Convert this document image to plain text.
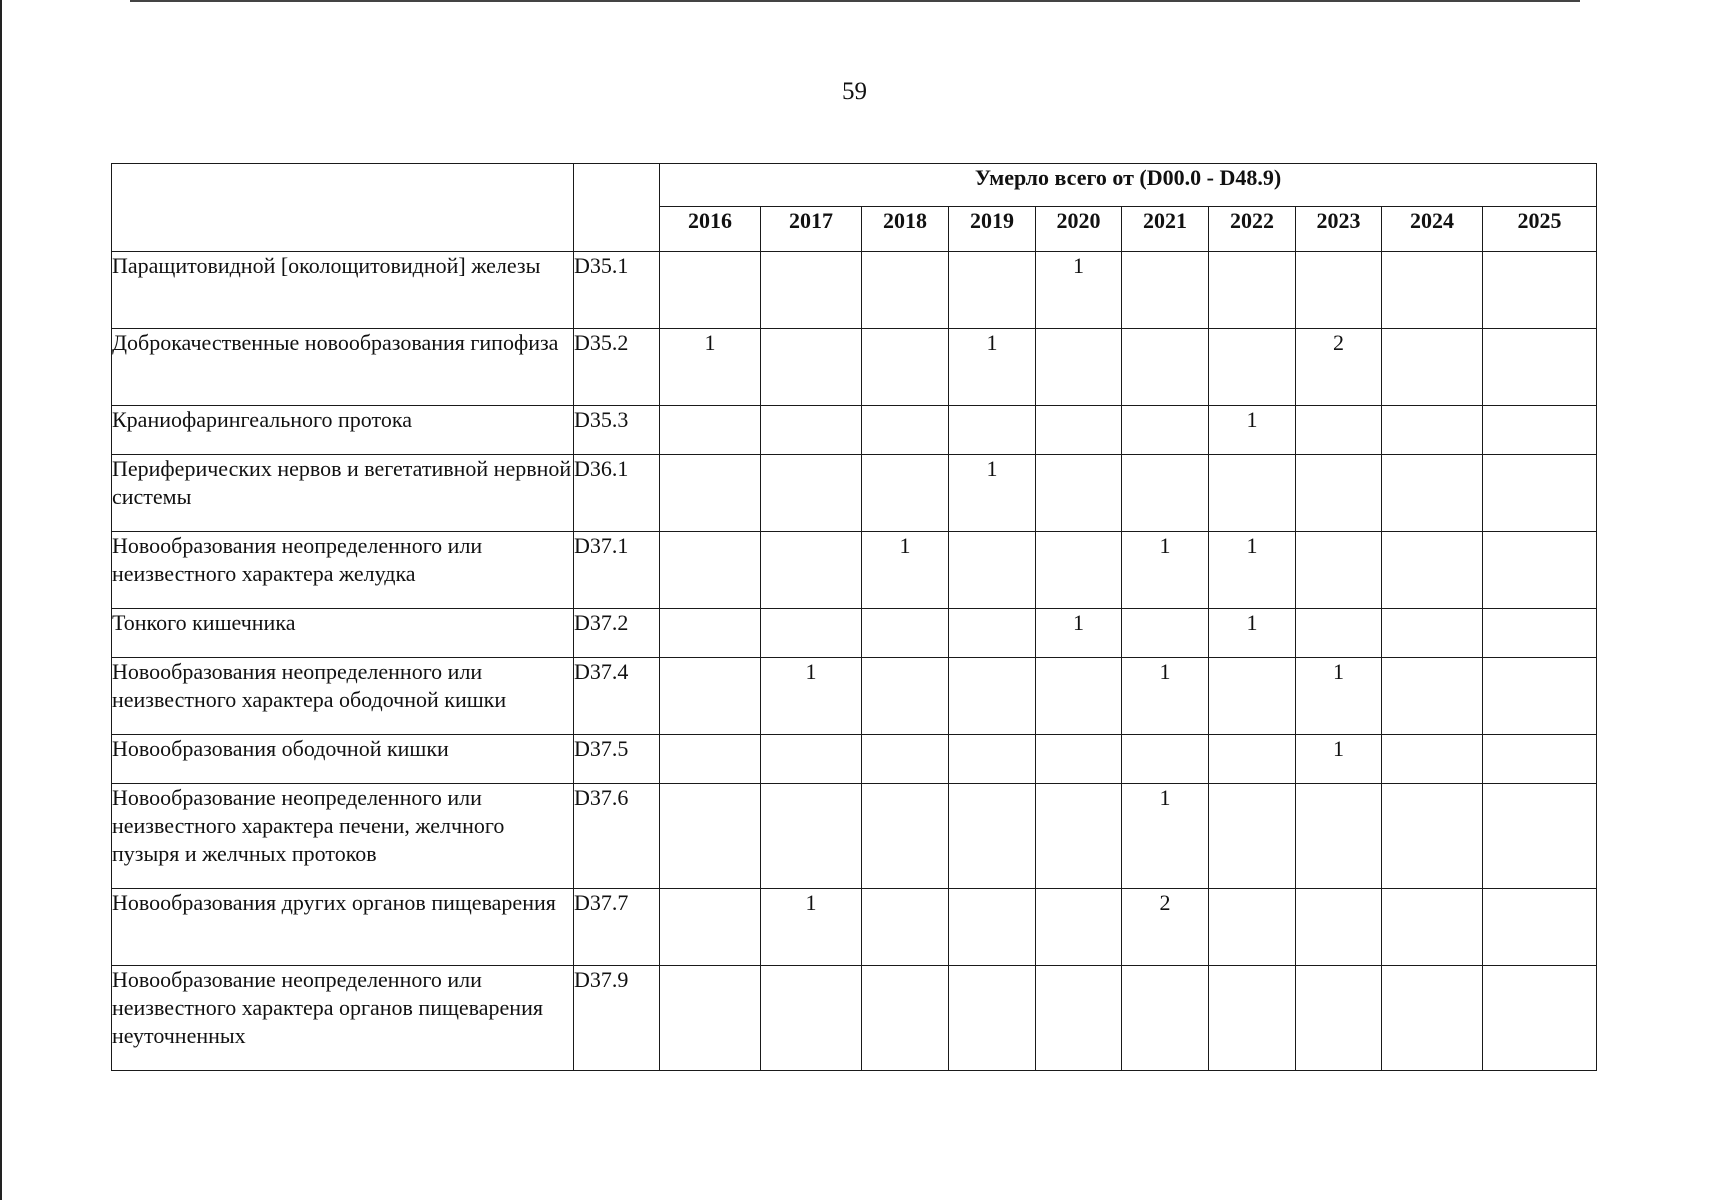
59
		Умерло всего от (D00.0 - D48.9)									
		2016	2017	2018	2019	2020	2021	2022	2023	2024	2025
Паращитовидной [околощитовидной] железы	D35.1					1					
Доброкачественные новообразования гипофиза	D35.2	1			1				2		
Краниофарингеального протока	D35.3							1			
Периферических нервов и вегетативной нервной системы	D36.1				1						
Новообразования неопределенного или неизвестного характера желудка	D37.1			1			1	1			
Тонкого кишечника	D37.2					1		1			
Новообразования неопределенного или неизвестного характера ободочной кишки	D37.4		1				1		1		
Новообразования ободочной кишки	D37.5								1		
Новообразование неопределенного или неизвестного характера печени, желчного пузыря и желчных протоков	D37.6						1				
Новообразования других органов пищеварения	D37.7		1				2				
Новообразование неопределенного или неизвестного характера органов пищеварения неуточненных	D37.9										
